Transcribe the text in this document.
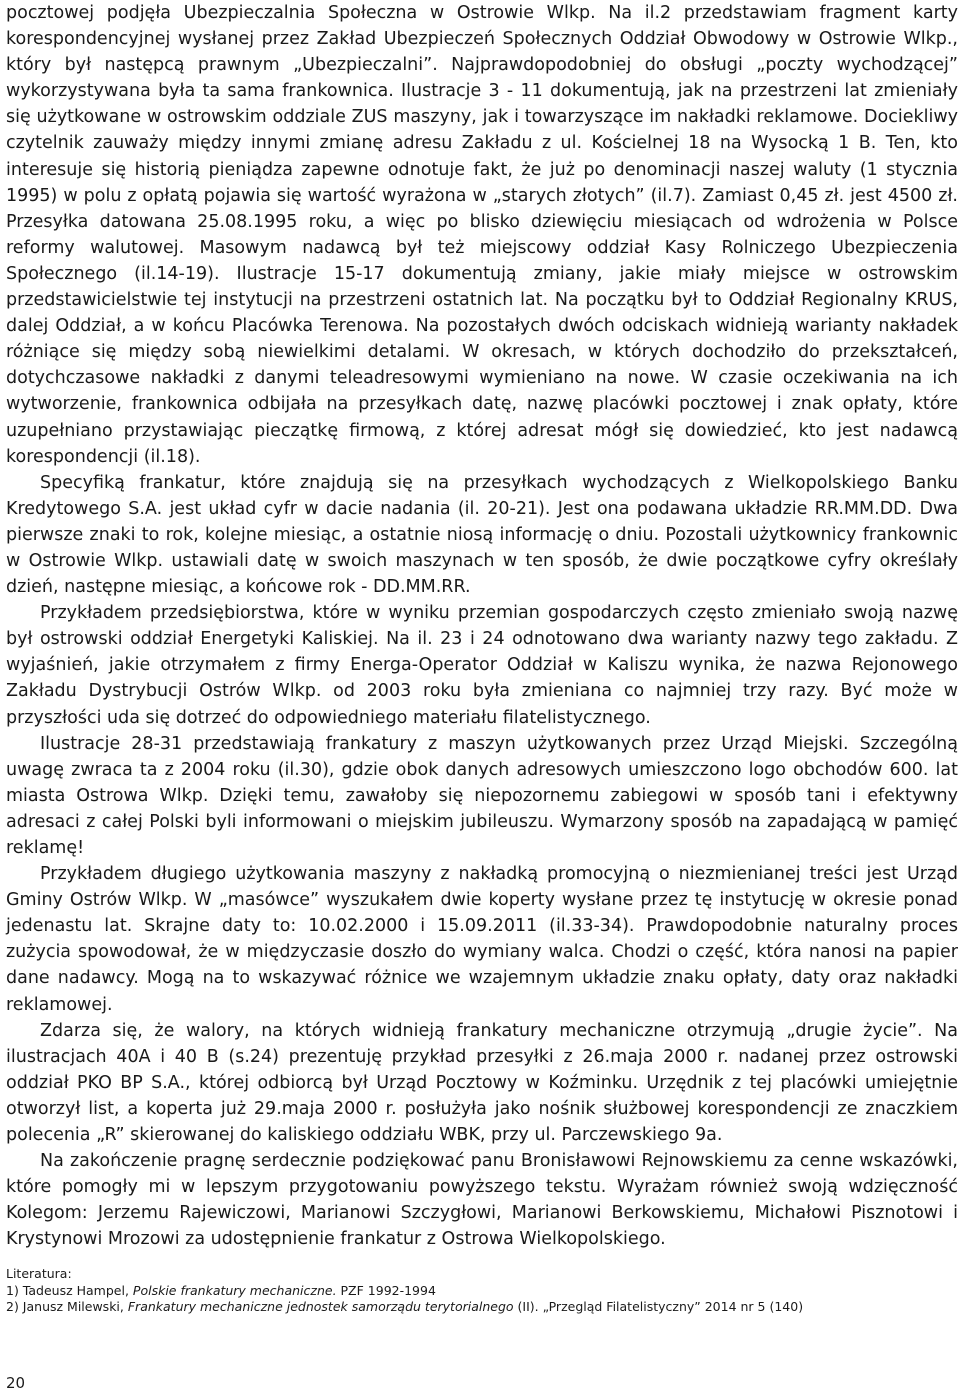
pocztowej podjęła Ubezpieczalnia Społeczna w Ostrowie Wlkp. Na il.2 przedstawiam fragment karty korespondencyjnej wysłanej przez Zakład Ubezpieczeń Społecznych Oddział Obwodowy w Ostrowie Wlkp., który był następcą prawnym „Ubezpieczalni”. Najprawdopodobniej do obsługi „poczty wychodzącej” wykorzystywana była ta sama frankownica. Ilustracje 3 - 11 dokumentują, jak na przestrzeni lat zmieniały się użytkowane w ostrowskim oddziale ZUS maszyny, jak i towarzyszące im nakładki reklamowe. Dociekliwy czytelnik zauważy między innymi zmianę adresu Zakładu z ul. Kościelnej 18 na Wysocką 1 B. Ten, kto interesuje się historią pieniądza zapewne odnotuje fakt, że już po denominacji naszej waluty (1 stycznia 1995) w polu z opłatą pojawia się wartość wyrażona w „starych złotych” (il.7). Zamiast 0,45 zł. jest 4500 zł. Przesyłka datowana 25.08.1995 roku, a więc po blisko dziewięciu miesiącach od wdrożenia w Polsce reformy walutowej. Masowym nadawcą był też miejscowy oddział Kasy Rolniczego Ubezpieczenia Społecznego (il.14-19). Ilustracje 15-17 dokumentują zmiany, jakie miały miejsce w ostrowskim przedstawicielstwie tej instytucji na przestrzeni ostatnich lat. Na początku był to Oddział Regionalny KRUS, dalej Oddział, a w końcu Placówka Terenowa. Na pozostałych dwóch odciskach widnieją warianty nakładek różniące się między sobą niewielkimi detalami. W okresach, w których dochodziło do przekształceń, dotychczasowe nakładki z danymi teleadresowymi wymieniano na nowe. W czasie oczekiwania na ich wytworzenie, frankownica odbijała na przesyłkach datę, nazwę placówki pocztowej i znak opłaty, które uzupełniano przystawiając pieczątkę firmową, z której adresat mógł się dowiedzieć, kto jest nadawcą korespondencji (il.18).

Specyfiką frankatur, które znajdują się na przesyłkach wychodzących z Wielkopolskiego Banku Kredytowego S.A. jest układ cyfr w dacie nadania (il. 20-21). Jest ona podawana układzie RR.MM.DD. Dwa pierwsze znaki to rok, kolejne miesiąc, a ostatnie niosą informację o dniu. Pozostali użytkownicy frankownic w Ostrowie Wlkp. ustawiali datę w swoich maszynach w ten sposób, że dwie początkowe cyfry określały dzień, następne miesiąc, a końcowe rok - DD.MM.RR.

Przykładem przedsiębiorstwa, które w wyniku przemian gospodarczych często zmieniało swoją nazwę był ostrowski oddział Energetyki Kaliskiej. Na il. 23 i 24 odnotowano dwa warianty nazwy tego zakładu. Z wyjaśnień, jakie otrzymałem z firmy Energa-Operator Oddział w Kaliszu wynika, że nazwa Rejonowego Zakładu Dystrybucji Ostrów Wlkp. od 2003 roku była zmieniana co najmniej trzy razy. Być może w przyszłości uda się dotrzeć do odpowiedniego materiału filatelistycznego.

Ilustracje 28-31 przedstawiają frankatury z maszyn użytkowanych przez Urząd Miejski. Szczególną uwagę zwraca ta z 2004 roku (il.30), gdzie obok danych adresowych umieszczono logo obchodów 600. lat miasta Ostrowa Wlkp. Dzięki temu, zawałoby się niepozornemu zabiegowi w sposób tani i efektywny adresaci z całej Polski byli informowani o miejskim jubileuszu. Wymarzony sposób na zapadającą w pamięć reklamę!

Przykładem długiego użytkowania maszyny z nakładką promocyjną o niezmienianej treści jest Urząd Gminy Ostrów Wlkp. W „masówce” wyszukałem dwie koperty wysłane przez tę instytucję w okresie ponad jedenastu lat. Skrajne daty to: 10.02.2000 i 15.09.2011 (il.33-34). Prawdopodobnie naturalny proces zużycia spowodował, że w międzyczasie doszło do wymiany walca. Chodzi o część, która nanosi na papier dane nadawcy. Mogą na to wskazywać różnice we wzajemnym układzie znaku opłaty, daty oraz nakładki reklamowej.

Zdarza się, że walory, na których widnieją frankatury mechaniczne otrzymują „drugie życie”. Na ilustracjach 40A i 40 B (s.24) prezentuję przykład przesyłki z 26.maja 2000 r. nadanej przez ostrowski oddział PKO BP S.A., której odbiorcą był Urząd Pocztowy w Koźminku. Urzędnik z tej placówki umiejętnie otworzył list, a koperta już 29.maja 2000 r. posłużyła jako nośnik służbowej korespondencji ze znaczkiem polecenia „R” skierowanej do kaliskiego oddziału WBK, przy ul. Parczewskiego 9a.

Na zakończenie pragnę serdecznie podziękować panu Bronisławowi Rejnowskiemu za cenne wskazówki, które pomogły mi w lepszym przygotowaniu powyższego tekstu. Wyrażam również swoją wdzięczność Kolegom: Jerzemu Rajewiczowi, Marianowi Szczygłowi, Marianowi Berkowskiemu, Michałowi Pisznotowi i Krystynowi Mrozowi za udostępnienie frankatur z Ostrowa Wielkopolskiego.

Literatura:

1) Tadeusz Hampel, Polskie frankatury mechaniczne. PZF 1992-1994

2) Janusz Milewski, Frankatury mechaniczne jednostek samorządu terytorialnego (II). „Przegląd Filatelistyczny” 2014 nr 5 (140)

20
